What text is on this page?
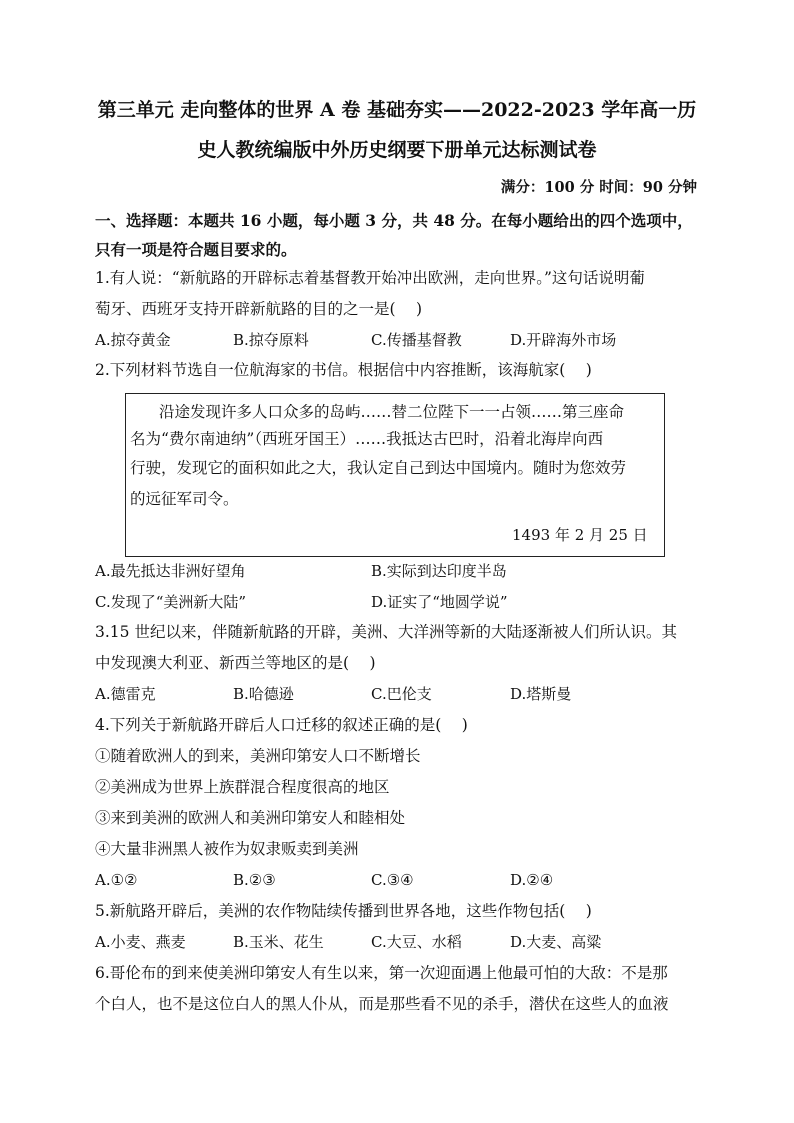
第三单元 走向整体的世界 A 卷 基础夯实——2022-2023 学年高一历
史人教统编版中外历史纲要下册单元达标测试卷
满分：100 分 时间：90 分钟
一、选择题：本题共 16 小题，每小题 3 分，共 48 分。在每小题给出的四个选项中，只有一项是符合题目要求的。
1.有人说：“新航路的开辟标志着基督教开始冲出欧洲，走向世界。”这句话说明葡
萄牙、西班牙支持开辟新航路的目的之一是(　 )
A.掠夺黄金	B.掠夺原料	C.传播基督教	D.开辟海外市场
2.下列材料节选自一位航海家的书信。根据信中内容推断，该海航家(　 )
沿途发现许多人口众多的岛屿……替二位陛下一一占领……第三座命
名为“费尔南迪纳”（西班牙国王）……我抵达古巴时，沿着北海岸向西
行驶，发现它的面积如此之大，我认定自己到达中国境内。随时为您效劳
的远征军司令。
1493 年 2 月 25 日
A.最先抵达非洲好望角	B.实际到达印度半岛
C.发现了“美洲新大陆”	D.证实了“地圆学说”
3.15 世纪以来，伴随新航路的开辟，美洲、大洋洲等新的大陆逐渐被人们所认识。其
中发现澳大利亚、新西兰等地区的是(　 )
A.德雷克	B.哈德逊	C.巴伦支	D.塔斯曼
4.下列关于新航路开辟后人口迁移的叙述正确的是(　 )
①随着欧洲人的到来，美洲印第安人口不断增长
②美洲成为世界上族群混合程度很高的地区
③来到美洲的欧洲人和美洲印第安人和睦相处
④大量非洲黑人被作为奴隶贩卖到美洲
A.①②	B.②③	C.③④	D.②④
5.新航路开辟后，美洲的农作物陆续传播到世界各地，这些作物包括(　 )
A.小麦、燕麦	B.玉米、花生	C.大豆、水稻	D.大麦、高粱
6.哥伦布的到来使美洲印第安人有生以来，第一次迎面遇上他最可怕的大敌：不是那
个白人，也不是这位白人的黑人仆从，而是那些看不见的杀手，潜伏在这些人的血液
